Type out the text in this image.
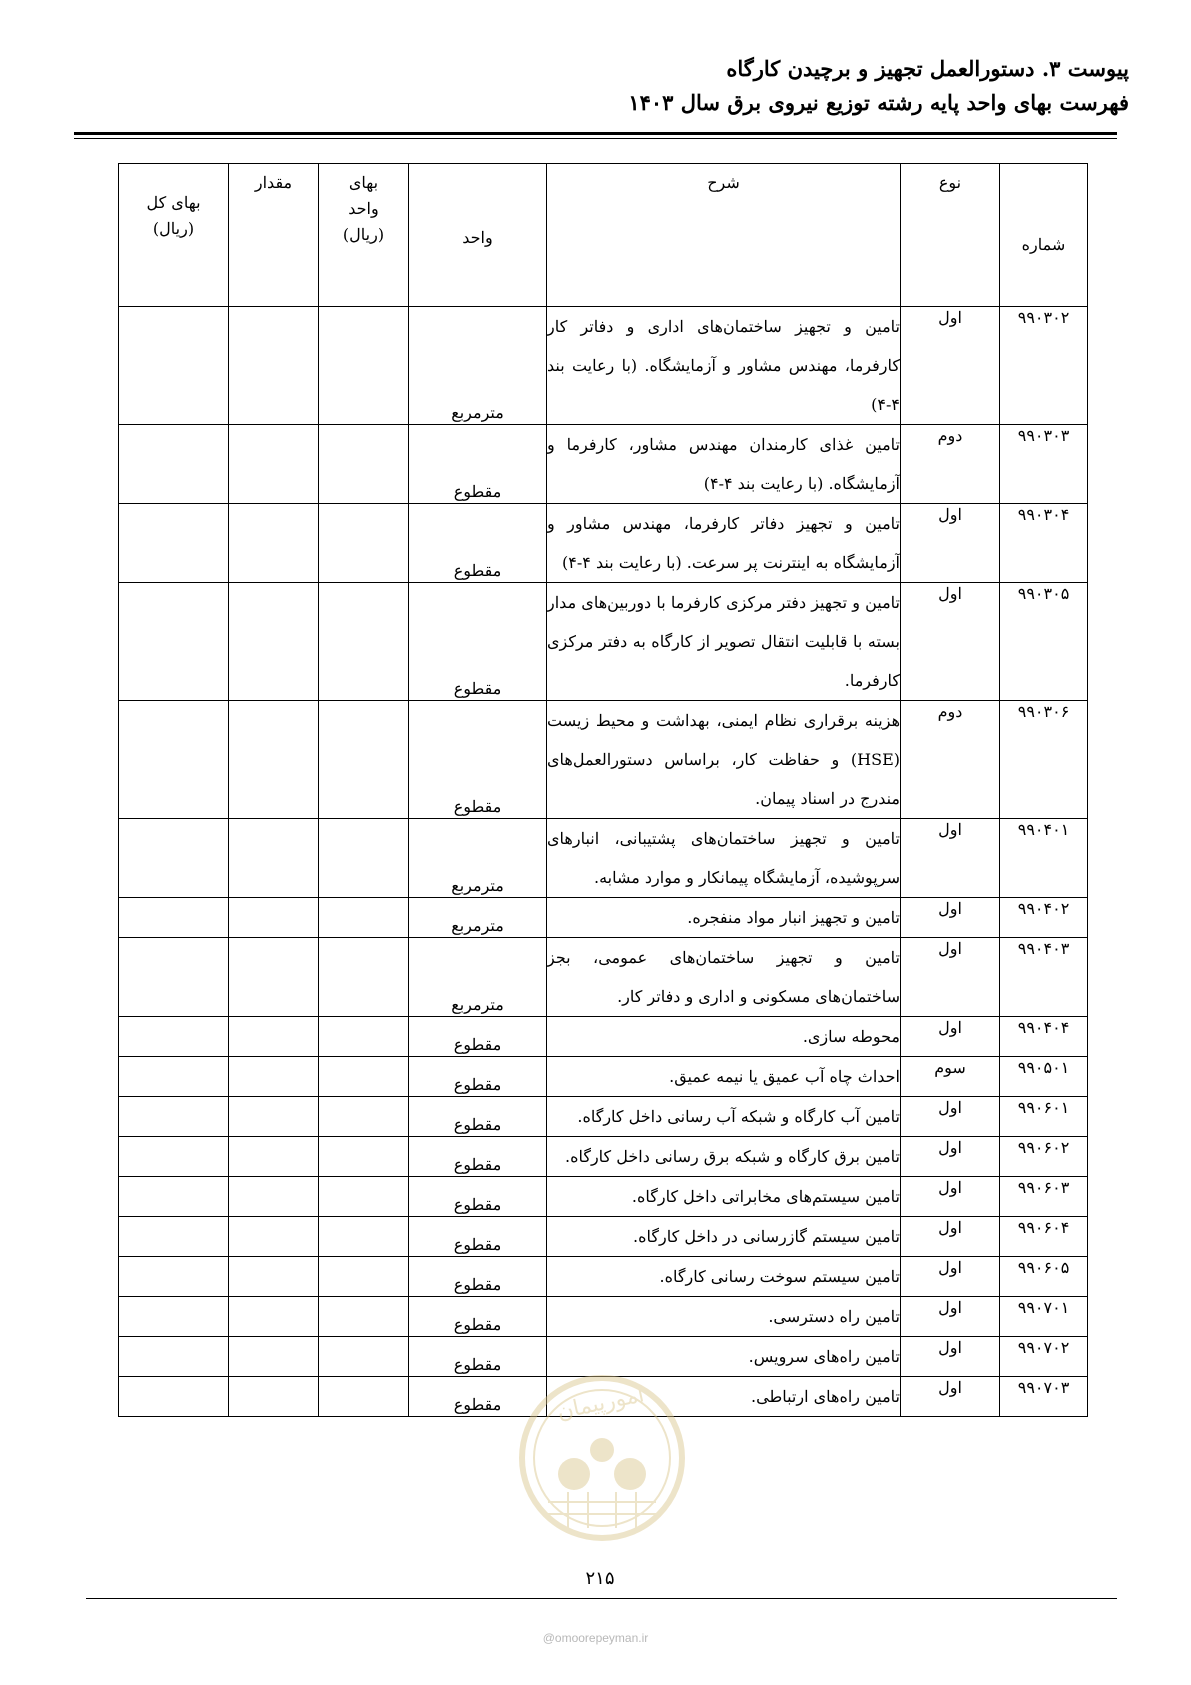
پیوست ۳. دستورالعمل تجهیز و برچیدن کارگاه
فهرست بهای واحد پایه رشته توزیع نیروی برق سال ۱۴۰۳
شماره	نوع	شرح	واحد	بهای واحد (ریال)	مقدار	بهای کل (ریال)

۹۹۰۳۰۲	اول	تامین و تجهیز ساختمان‌های اداری و دفاتر کار کارفرما، مهندس مشاور و آزمایشگاه. (با رعایت بند ۴-۴)	مترمربع			
۹۹۰۳۰۳	دوم	تامین غذای کارمندان مهندس مشاور، کارفرما و آزمایشگاه. (با رعایت بند ۴-۴)	مقطوع			
۹۹۰۳۰۴	اول	تامین و تجهیز دفاتر کارفرما، مهندس مشاور و آزمایشگاه به اینترنت پر سرعت. (با رعایت بند ۴-۴)	مقطوع			
۹۹۰۳۰۵	اول	تامین و تجهیز دفتر مرکزی کارفرما با دوربین‌های مدار بسته با قابلیت انتقال تصویر از کارگاه به دفتر مرکزی کارفرما.	مقطوع			
۹۹۰۳۰۶	دوم	هزینه برقراری نظام ایمنی، بهداشت و محیط زیست (HSE) و حفاظت کار، براساس دستورالعمل‌های مندرج در اسناد پیمان.	مقطوع			
۹۹۰۴۰۱	اول	تامین و تجهیز ساختمان‌های پشتیبانی، انبارهای سرپوشیده، آزمایشگاه پیمانکار و موارد مشابه.	مترمربع			
۹۹۰۴۰۲	اول	تامین و تجهیز انبار مواد منفجره.	مترمربع			
۹۹۰۴۰۳	اول	تامین و تجهیز ساختمان‌های عمومی، بجز ساختمان‌های مسکونی و اداری و دفاتر کار.	مترمربع			
۹۹۰۴۰۴	اول	محوطه سازی.	مقطوع			
۹۹۰۵۰۱	سوم	احداث چاه آب عمیق یا نیمه عمیق.	مقطوع			
۹۹۰۶۰۱	اول	تامین آب کارگاه و شبکه آب رسانی داخل کارگاه.	مقطوع			
۹۹۰۶۰۲	اول	تامین برق کارگاه و شبکه برق رسانی داخل کارگاه.	مقطوع			
۹۹۰۶۰۳	اول	تامین سیستم‌های مخابراتی داخل کارگاه.	مقطوع			
۹۹۰۶۰۴	اول	تامین سیستم گازرسانی در داخل کارگاه.	مقطوع			
۹۹۰۶۰۵	اول	تامین سیستم سوخت رسانی کارگاه.	مقطوع			
۹۹۰۷۰۱	اول	تامین راه دسترسی.	مقطوع			
۹۹۰۷۰۲	اول	تامین راه‌های سرویس.	مقطوع			
۹۹۰۷۰۳	اول	تامین راه‌های ارتباطی.	مقطوع			امورپیمان
۲۱۵
@omoorepeyman.ir
